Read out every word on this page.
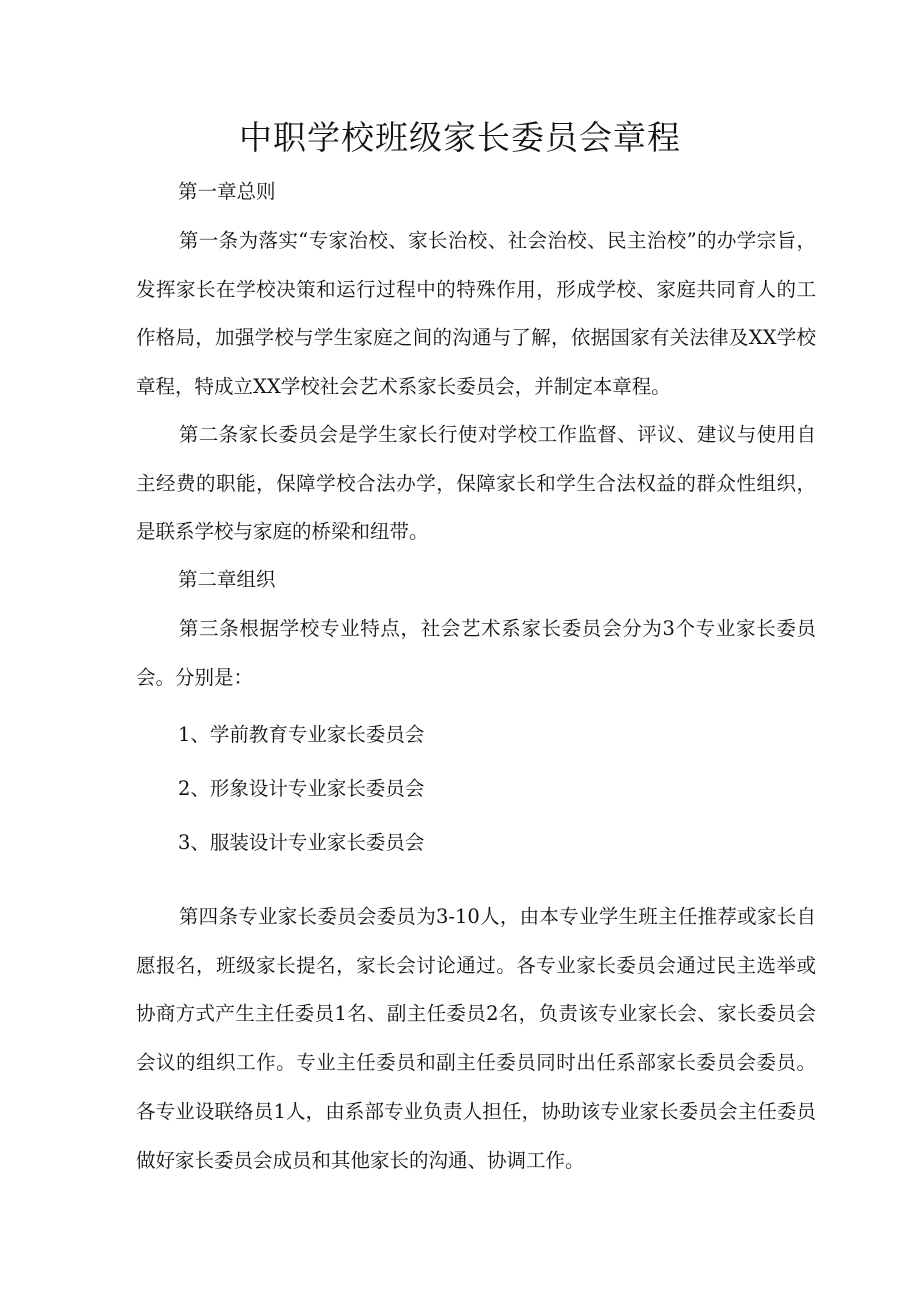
中职学校班级家长委员会章程

第一章总则

第一条为落实“专家治校、家长治校、社会治校、民主治校”的办学宗旨，发挥家长在学校决策和运行过程中的特殊作用，形成学校、家庭共同育人的工作格局，加强学校与学生家庭之间的沟通与了解，依据国家有关法律及XX学校章程，特成立XX学校社会艺术系家长委员会，并制定本章程。

第二条家长委员会是学生家长行使对学校工作监督、评议、建议与使用自主经费的职能，保障学校合法办学，保障家长和学生合法权益的群众性组织，是联系学校与家庭的桥梁和纽带。

第二章组织

第三条根据学校专业特点，社会艺术系家长委员会分为3个专业家长委员会。分别是：

1、学前教育专业家长委员会

2、形象设计专业家长委员会

3、服装设计专业家长委员会

第四条专业家长委员会委员为3-10人，由本专业学生班主任推荐或家长自愿报名，班级家长提名，家长会讨论通过。各专业家长委员会通过民主选举或协商方式产生主任委员1名、副主任委员2名，负责该专业家长会、家长委员会会议的组织工作。专业主任委员和副主任委员同时出任系部家长委员会委员。各专业设联络员1人，由系部专业负责人担任，协助该专业家长委员会主任委员做好家长委员会成员和其他家长的沟通、协调工作。
